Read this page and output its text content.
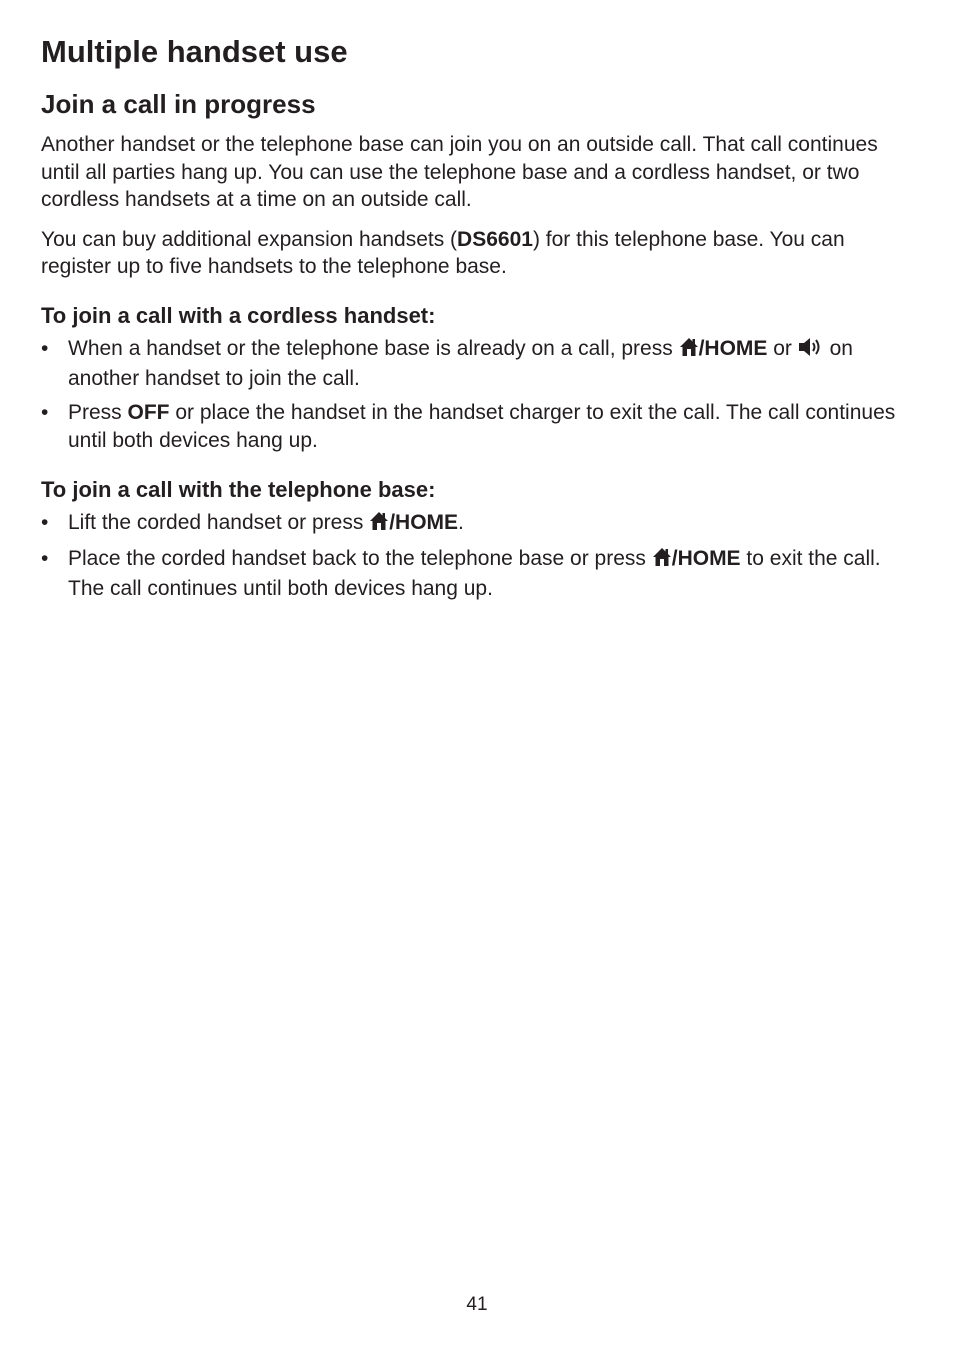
Multiple handset use
Join a call in progress

Another handset or the telephone base can join you on an outside call. That call continues until all parties hang up. You can use the telephone base and a cordless handset, or two cordless handsets at a time on an outside call.

You can buy additional expansion handsets (DS6601) for this telephone base. You can register up to five handsets to the telephone base.

To join a call with a cordless handset:
• When a handset or the telephone base is already on a call, press /HOME or  on another handset to join the call.
• Press OFF or place the handset in the handset charger to exit the call. The call continues until both devices hang up.
To join a call with the telephone base:
• Lift the corded handset or press /HOME.
• Place the corded handset back to the telephone base or press /HOME to exit the call. The call continues until both devices hang up.
41
